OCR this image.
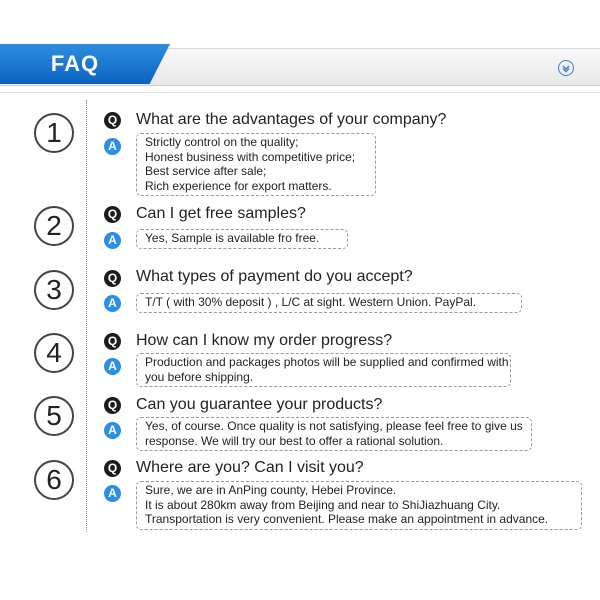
FAQ
1	Q What are the advantages of your company?
A	Strictly control on the quality;
Honest business with competitive price;
Best service after sale;
Rich experience for export matters.
2	Q Can I get free samples?
A	Yes, Sample is available fro free.
3	Q What types of payment do you accept?
A	T/T ( with 30% deposit ) , L/C at sight. Western Union. PayPal.
4	Q How can I know my order progress?
A	Production and packages photos will be supplied and confirmed with
you before shipping.
5	Q Can you guarantee your products?
A	Yes, of course. Once quality is not satisfying, please feel free to give us
response. We will try our best to offer a rational solution.
6	Q Where are you? Can I visit you?
A	Sure, we are in AnPing county, Hebei Province.
It is about 280km away from Beijing and near to ShiJiazhuang City.
Transportation is very convenient. Please make an appointment in advance.
